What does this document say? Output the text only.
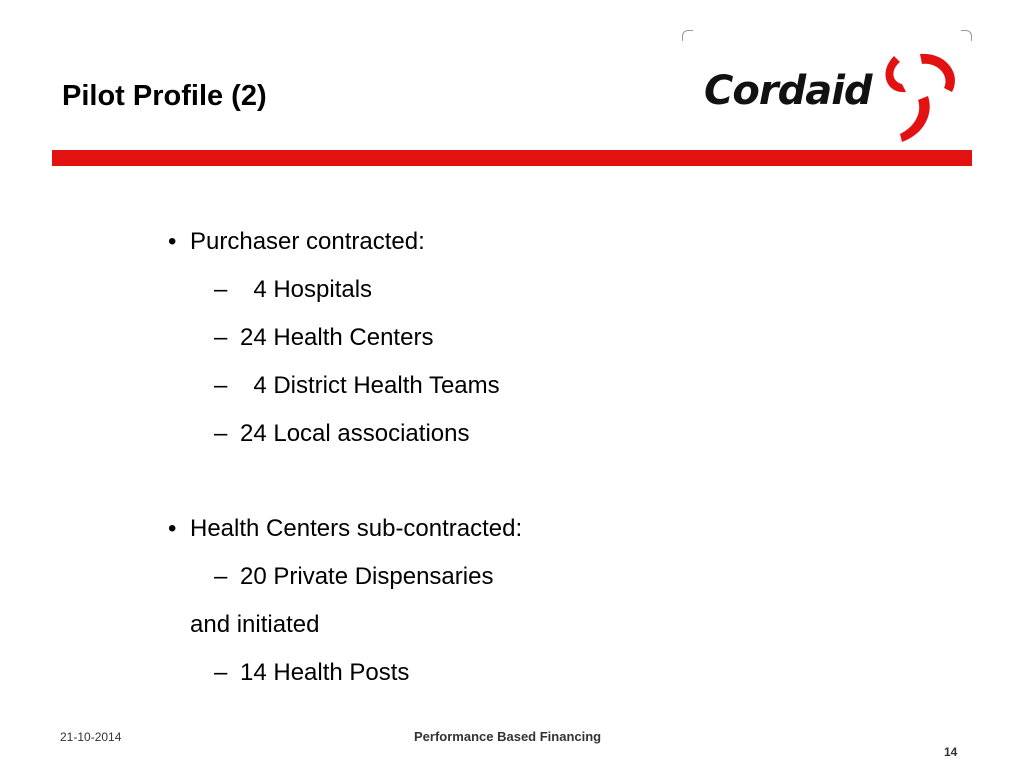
Pilot Profile (2)	Cordaid
• Purchaser contracted:
–  4 Hospitals
– 24 Health Centers
–  4 District Health Teams
– 24 Local associations
• Health Centers sub-contracted:
– 20 Private Dispensaries
and initiated
– 14 Health Posts
21-10-2014	Performance Based Financing
14
